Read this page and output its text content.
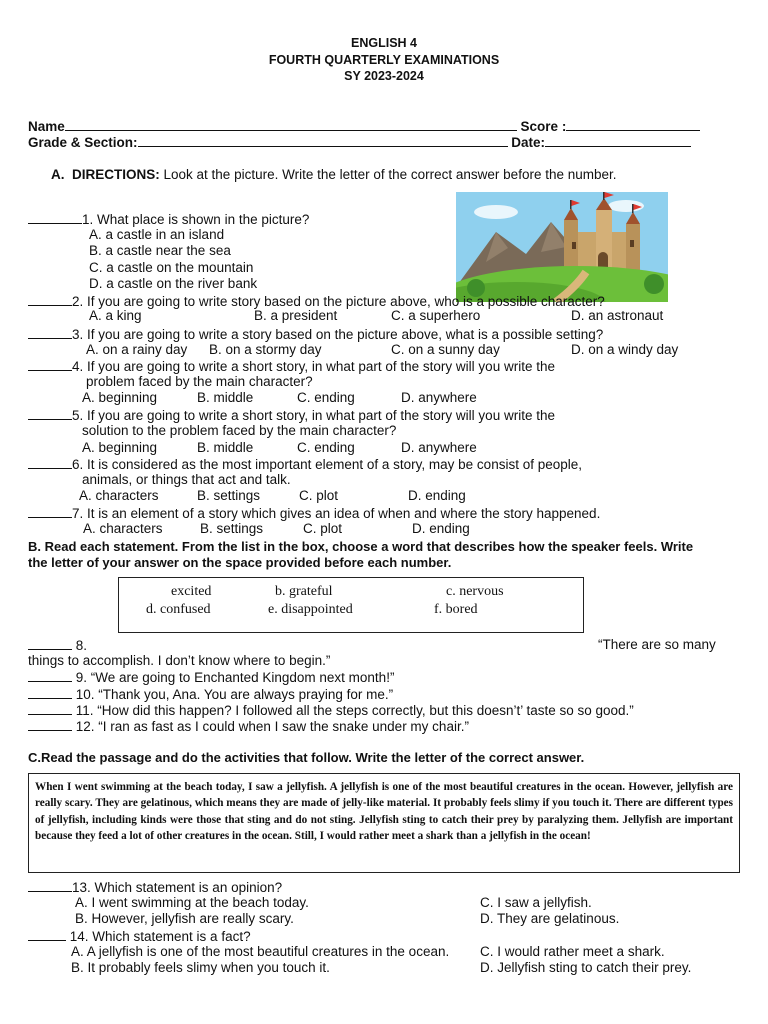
ENGLISH 4
FOURTH QUARTERLY EXAMINATIONS
SY 2023-2024
Name	Score :
Grade & Section:	Date:
A. DIRECTIONS: Look at the picture. Write the letter of the correct answer before the number.
1. What place is shown in the picture?
A. a castle in an island
B. a castle near the sea
C. a castle on the mountain
D. a castle on the river bank
2. If you are going to write story based on the picture above, who is a possible character?
A. a king	B. a president	C. a superhero	D. an astronaut
3. If you are going to write a story based on the picture above, what is a possible setting?
A. on a rainy day B. on a stormy day	C. on a sunny day	D. on a windy day
4. If you are going to write a short story, in what part of the story will you write the
problem faced by the main character?
A. beginning	B. middle	C. ending	D. anywhere
5. If you are going to write a short story, in what part of the story will you write the
solution to the problem faced by the main character?
A. beginning	B. middle	C. ending	D. anywhere
6. It is considered as the most important element of a story, may be consist of people,
animals, or things that act and talk.
A. characters	B. settings	C. plot	D. ending
7. It is an element of a story which gives an idea of when and where the story happened.
A. characters	B. settings	C. plot	D. ending
B. Read each statement. From the list in the box, choose a word that describes how the speaker feels. Write
the letter of your answer on the space provided before each number.
excited	b. grateful	c. nervous
d. confused	e. disappointed	f. bored
8.	“There are so many
things to accomplish. I don’t know where to begin.”
9. “We are going to Enchanted Kingdom next month!”
10. “Thank you, Ana. You are always praying for me.”
11. “How did this happen? I followed all the steps correctly, but this doesn’t’ taste so so good.”
12. “I ran as fast as I could when I saw the snake under my chair.”
C.Read the passage and do the activities that follow. Write the letter of the correct answer.
When I went swimming at the beach today, I saw a jellyfish. A jellyfish is one of the most beautiful creatures in the ocean. However, jellyfish are really scary. They are gelatinous, which means they are made of jelly-like material. It probably feels slimy if you touch it. There are different types of jellyfish, including kinds were those that sting and do not sting. Jellyfish sting to catch their prey by paralyzing them. Jellyfish are important because they feed a lot of other creatures in the ocean. Still, I would rather meet a shark than a jellyfish in the ocean!
13. Which statement is an opinion?
A. I went swimming at the beach today.	C. I saw a jellyfish.
B. However, jellyfish are really scary.	D. They are gelatinous.
14. Which statement is a fact?
A. A jellyfish is one of the most beautiful creatures in the ocean. C. I would rather meet a shark.
B. It probably feels slimy when you touch it.	D. Jellyfish sting to catch their prey.
